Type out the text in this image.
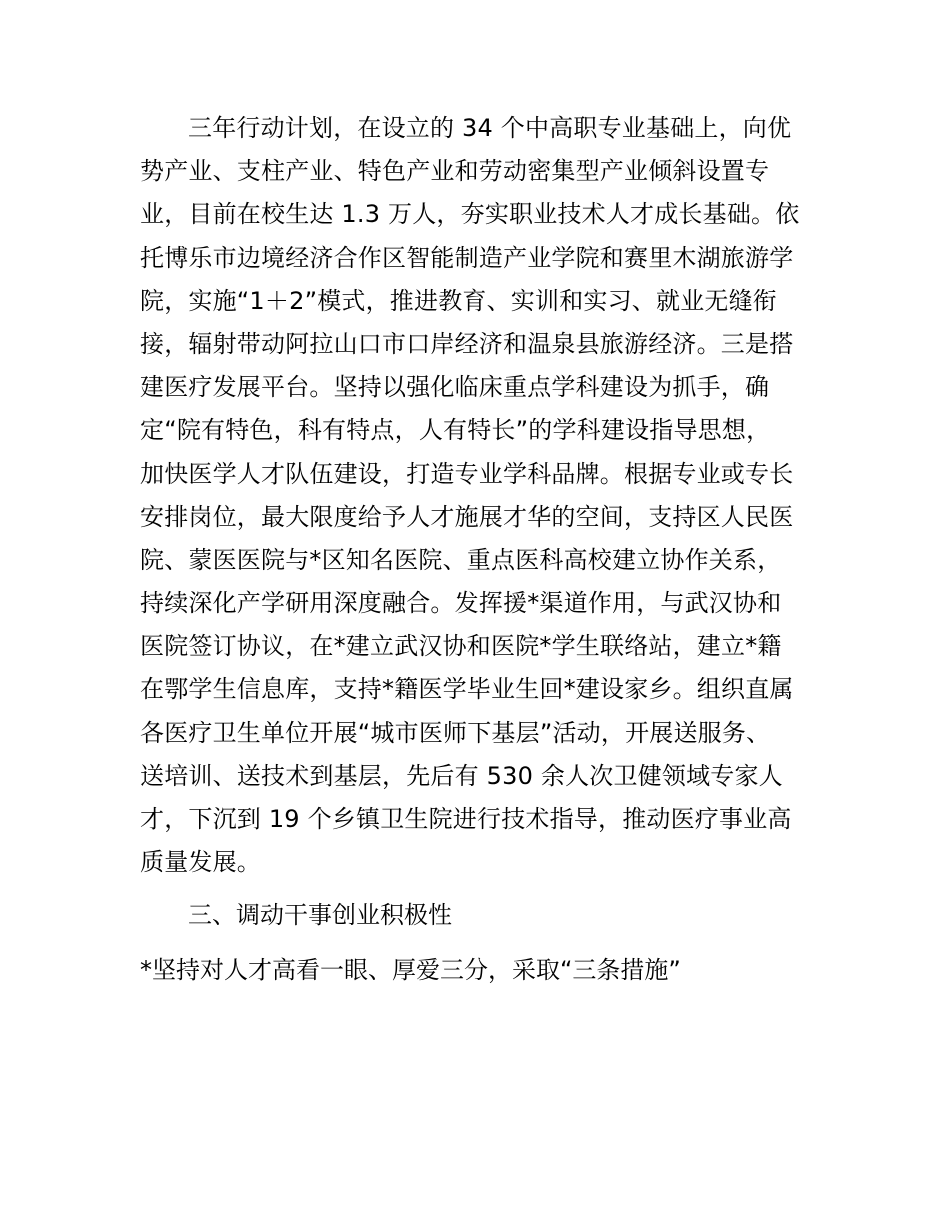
三年行动计划，在设立的 34 个中高职专业基础上，向优
势产业、支柱产业、特色产业和劳动密集型产业倾斜设置专
业，目前在校生达 1.3 万人，夯实职业技术人才成长基础。依
托博乐市边境经济合作区智能制造产业学院和赛里木湖旅游学
院，实施“1＋2”模式，推进教育、实训和实习、就业无缝衔
接，辐射带动阿拉山口市口岸经济和温泉县旅游经济。三是搭
建医疗发展平台。坚持以强化临床重点学科建设为抓手，确
定“院有特色，科有特点，人有特长”的学科建设指导思想，
加快医学人才队伍建设，打造专业学科品牌。根据专业或专长
安排岗位，最大限度给予人才施展才华的空间，支持区人民医
院、蒙医医院与*区知名医院、重点医科高校建立协作关系，
持续深化产学研用深度融合。发挥援*渠道作用，与武汉协和
医院签订协议，在*建立武汉协和医院*学生联络站，建立*籍
在鄂学生信息库，支持*籍医学毕业生回*建设家乡。组织直属
各医疗卫生单位开展“城市医师下基层”活动，开展送服务、
送培训、送技术到基层，先后有 530 余人次卫健领域专家人
才，下沉到 19 个乡镇卫生院进行技术指导，推动医疗事业高
质量发展。
三、调动干事创业积极性

*坚持对人才高看一眼、厚爱三分，采取“三条措施”
